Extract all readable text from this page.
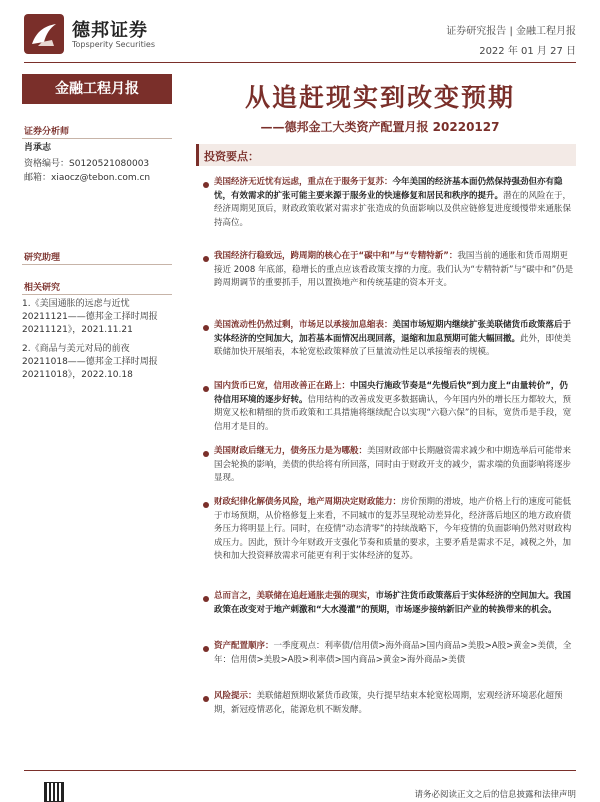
德邦证券
Topsperity Securities
证券研究报告 | 金融工程月报
2022 年 01 月 27 日
金融工程月报
证券分析师
肖承志
资格编号：S0120521080003
邮箱：xiaocz@tebon.com.cn
研究助理
相关研究
1.《美国通胀的远虑与近忧20211121——德邦金工择时周报20211121》，2021.11.21
2.《商品与美元对局的前夜20211018——德邦金工择时周报20211018》，2022.10.18
从追赶现实到改变预期
——德邦金工大类资产配置月报 20220127
投资要点：
美国经济无近忧有远虑，重点在于服务于复苏：今年美国的经济基本面仍然保持强劲但亦有隐忧，有效需求的扩张可能主要来源于服务业的快速修复和居民和秩序的提升。潜在的风险在于，经济周期见顶后，财政政策收紧对需求扩张造成的负面影响以及供应链修复进度缓慢带来通胀保持高位。
我国经济行稳致远，跨周期的核心在于“碳中和”与“专精特新”：我国当前的通胀和货币周期更接近 2008 年底部，稳增长的重点应该看政策支撑的力度。我们认为“专精特新”与“碳中和”仍是跨周期调节的重要抓手，用以置换地产和传统基建的资本开支。
美国流动性仍然过剩，市场足以承接加息缩表：美国市场短期内继续扩张美联储货币政策落后于实体经济的空间加大，加若基本面情况出现回落，退缩和加息预期可能大幅回撤。此外，即使美联储加快开展缩表，本轮宽松政策释放了巨量流动性足以承接缩表的规模。
国内货币已宽，信用改善正在路上：中国央行施政节奏是“先慢后快”到力度上“由量转价”，仍待信用环境的逐步好转。信用结构的改善成发更多数据确认，今年国内外的增长压力都较大，预期宽又松和精细的货币政策和工具措施将继续配合以实现“六稳六保”的目标，宽货币是手段，宽信用才是目的。
美国财政后继无力，债务压力是为哪般：美国财政部中长期融资需求减少和中期选举后可能带来国会轮换的影响，美债的供给将有所回落，同时由于财政开支的减少，需求端的负面影响将逐步显现。
财政纪律化解债务风险，地产周期决定财政能力：房价预期的滑坡，地产价格上行的速度可能低于市场预期，从价格修复上来看，不同城市的复苏呈现轮动差异化，经济落后地区的地方政府债务压力将明显上行。同时，在疫情“动态清零”的持续战略下，今年疫情的负面影响仍然对财政构成压力。因此，预计今年财政开支强化节奏和质量的要求，主要矛盾是需求不足，减税之外，加快和加大投资释放需求可能更有利于实体经济的复苏。
总而言之，美联储在追赶通胀走强的现实，市场扩注货币政策落后于实体经济的空间加大。我国政策在改变对于地产刺激和“大水漫灌”的预期，市场逐步接纳新旧产业的转换带来的机会。
资产配置顺序：一季度观点：利率债/信用债>海外商品>国内商品>美股>A股>黄金>美债，全年：信用债>美股>A股>利率债>国内商品>黄金>海外商品>美债
风险提示：美联储超预期收紧货币政策，央行提早结束本轮宽松周期，宏观经济环境恶化超预期，新冠疫情恶化，能源危机不断发酵。
请务必阅读正文之后的信息披露和法律声明
